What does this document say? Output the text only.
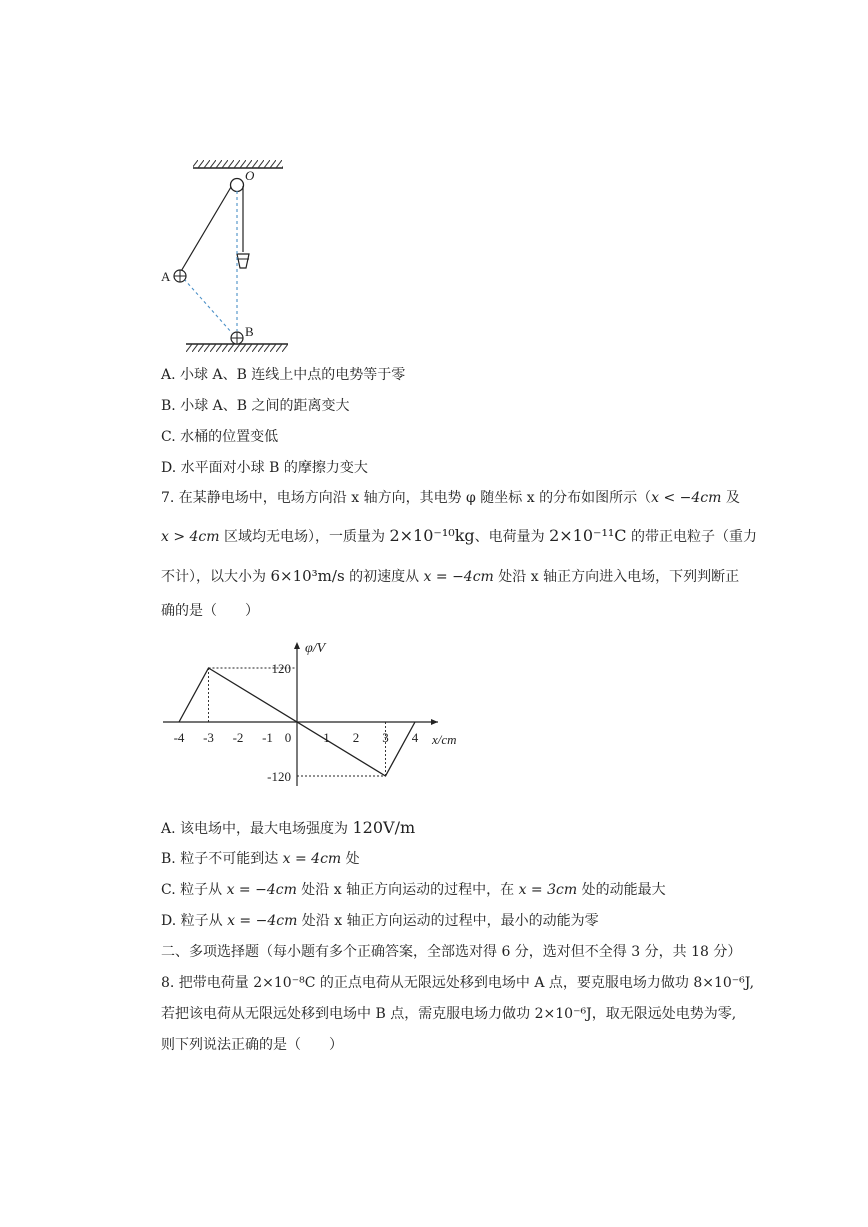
O
A
B
A. 小球 A、B 连线上中点的电势等于零
B. 小球 A、B 之间的距离变大
C. 水桶的位置变低
D. 水平面对小球 B 的摩擦力变大
7. 在某静电场中，电场方向沿 x 轴方向，其电势 φ 随坐标 x 的分布如图所示（x < −4cm 及
x > 4cm 区域均无电场），一质量为 2×10⁻¹⁰kg、电荷量为 2×10⁻¹¹C 的带正电粒子（重力
不计），以大小为 6×10³m/s 的初速度从 x = −4cm 处沿 x 轴正方向进入电场，下列判断正
确的是（　　）
-4 -3 -2 -1 0 1 2 3 4
120
-120
φ/V
x/cm
A. 该电场中，最大电场强度为 120V/m
B. 粒子不可能到达 x = 4cm 处
C. 粒子从 x = −4cm 处沿 x 轴正方向运动的过程中，在 x = 3cm 处的动能最大
D. 粒子从 x = −4cm 处沿 x 轴正方向运动的过程中，最小的动能为零
二、多项选择题（每小题有多个正确答案，全部选对得 6 分，选对但不全得 3 分，共 18 分）
8. 把带电荷量 2×10⁻⁸C 的正点电荷从无限远处移到电场中 A 点，要克服电场力做功 8×10⁻⁶J,
若把该电荷从无限远处移到电场中 B 点，需克服电场力做功 2×10⁻⁶J，取无限远处电势为零,
则下列说法正确的是（　　）
